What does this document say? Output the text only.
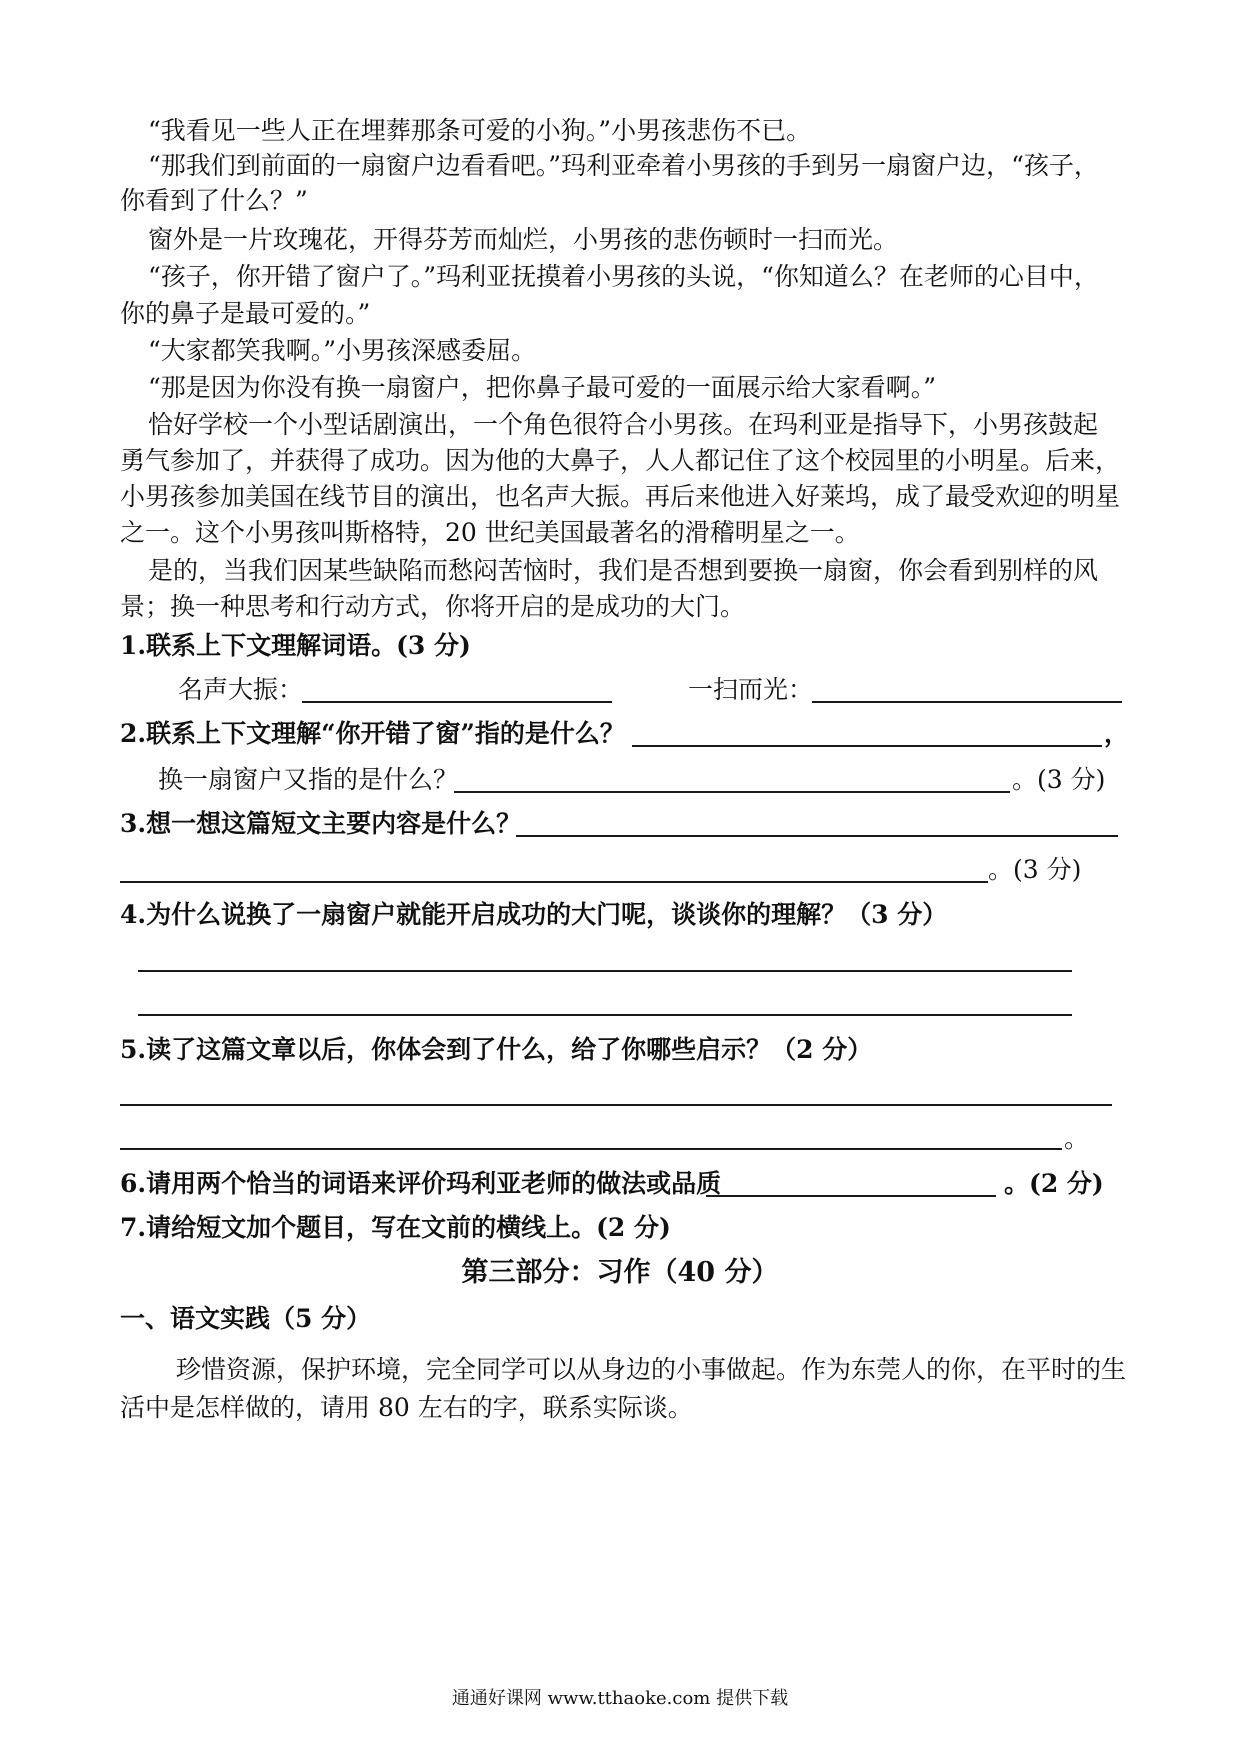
“我看见一些人正在埋葬那条可爱的小狗。”小男孩悲伤不已。
“那我们到前面的一扇窗户边看看吧。”玛利亚牵着小男孩的手到另一扇窗户边，“孩子，
你看到了什么？”
窗外是一片玫瑰花，开得芬芳而灿烂，小男孩的悲伤顿时一扫而光。
“孩子，你开错了窗户了。”玛利亚抚摸着小男孩的头说，“你知道么？在老师的心目中，
你的鼻子是最可爱的。”
“大家都笑我啊。”小男孩深感委屈。
“那是因为你没有换一扇窗户，把你鼻子最可爱的一面展示给大家看啊。”
恰好学校一个小型话剧演出，一个角色很符合小男孩。在玛利亚是指导下，小男孩鼓起
勇气参加了，并获得了成功。因为他的大鼻子，人人都记住了这个校园里的小明星。后来，
小男孩参加美国在线节目的演出，也名声大振。再后来他进入好莱坞，成了最受欢迎的明星
之一。这个小男孩叫斯格特，20 世纪美国最著名的滑稽明星之一。
是的，当我们因某些缺陷而愁闷苦恼时，我们是否想到要换一扇窗，你会看到别样的风
景；换一种思考和行动方式，你将开启的是成功的大门。
1.联系上下文理解词语。(3 分)
名声大振：	一扫而光：
2.联系上下文理解“你开错了窗”指的是什么？	，
换一扇窗户又指的是什么？	。(3 分)
3.想一想这篇短文主要内容是什么？
。(3 分)
4.为什么说换了一扇窗户就能开启成功的大门呢，谈谈你的理解？（3 分）
5.读了这篇文章以后，你体会到了什么，给了你哪些启示？（2 分）
。
6.请用两个恰当的词语来评价玛利亚老师的做法或品质	。(2 分)
7.请给短文加个题目，写在文前的横线上。(2 分)
第三部分：习作（40 分）
一、语文实践（5 分）
珍惜资源，保护环境，完全同学可以从身边的小事做起。作为东莞人的你，在平时的生
活中是怎样做的，请用 80 左右的字，联系实际谈。
通通好课网 www.tthaoke.com 提供下载
